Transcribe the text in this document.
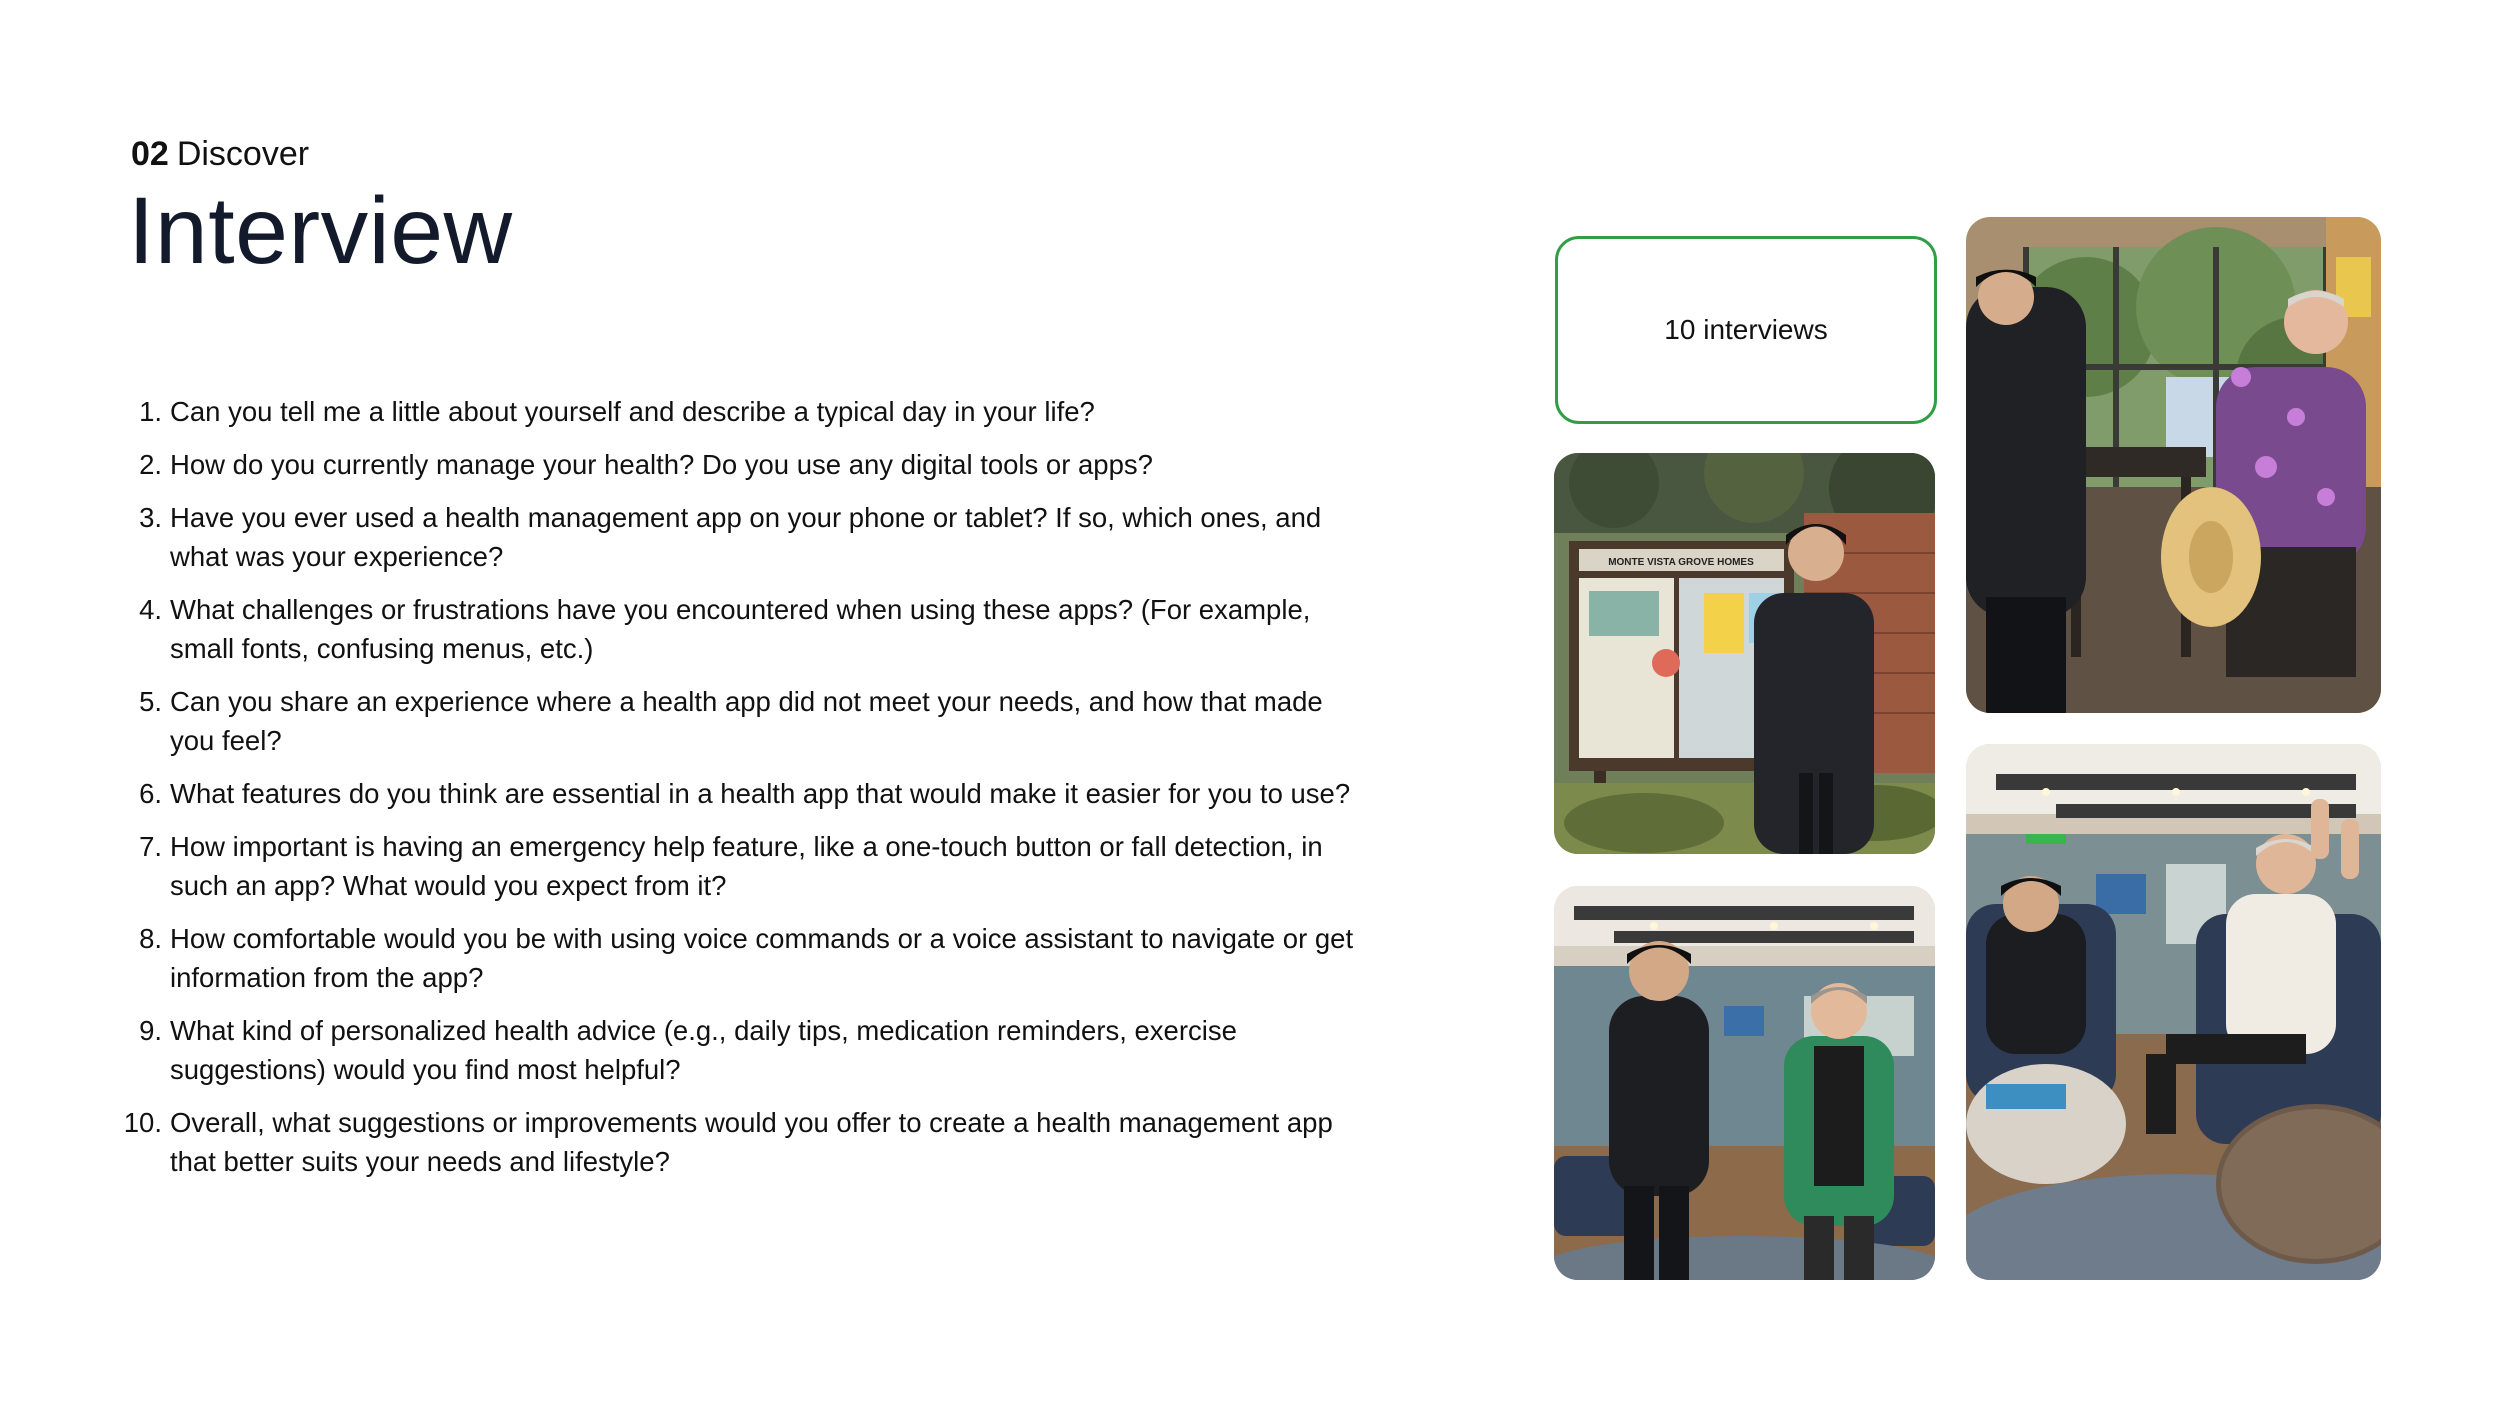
02 Discover
Interview
1. Can you tell me a little about yourself and describe a typical day in your life?
2. How do you currently manage your health? Do you use any digital tools or apps?
3. Have you ever used a health management app on your phone or tablet? If so, which ones, and what was your experience?
4. What challenges or frustrations have you encountered when using these apps? (For example, small fonts, confusing menus, etc.)
5. Can you share an experience where a health app did not meet your needs, and how that made you feel?
6. What features do you think are essential in a health app that would make it easier for you to use?
7. How important is having an emergency help feature, like a one-touch button or fall detection, in such an app? What would you expect from it?
8. How comfortable would you be with using voice commands or a voice assistant to navigate or get information from the app?
9. What kind of personalized health advice (e.g., daily tips, medication reminders, exercise suggestions) would you find most helpful?
10. Overall, what suggestions or improvements would you offer to create a health management app that better suits your needs and lifestyle?
10 interviews
MONTE VISTA GROVE HOMES
